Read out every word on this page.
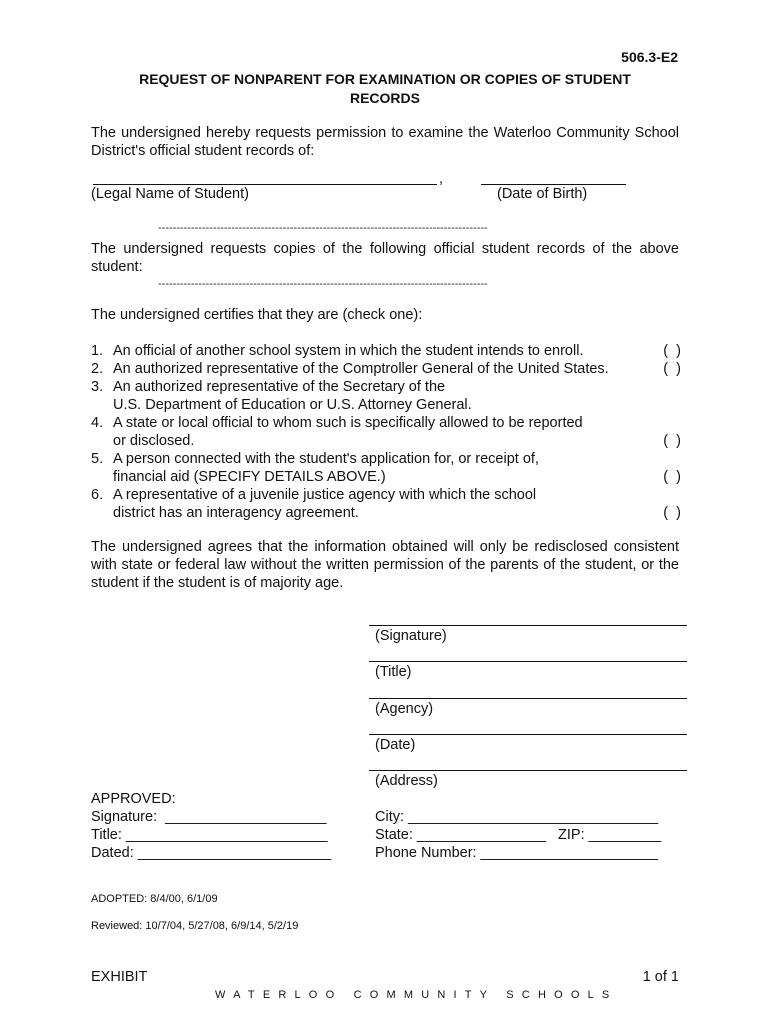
506.3-E2
REQUEST OF NONPARENT FOR EXAMINATION OR COPIES OF STUDENT
RECORDS
The undersigned hereby requests permission to examine the Waterloo Community School District's official student records of:
,
(Legal Name of Student)	(Date of Birth)
------------------------------------------------------------------------------------------
The undersigned requests copies of the following official student records of the above student:
------------------------------------------------------------------------------------------
The undersigned certifies that they are (check one):
1. An official of another school system in which the student intends to enroll.	(  )
2. An authorized representative of the Comptroller General of the United States.	(  )
3. An authorized representative of the Secretary of the
U.S. Department of Education or U.S. Attorney General.
4. A state or local official to whom such is specifically allowed to be reported
or disclosed.	(  )
5. A person connected with the student's application for, or receipt of,
financial aid (SPECIFY DETAILS ABOVE.)	(  )
6. A representative of a juvenile justice agency with which the school
district has an interagency agreement.	(  )
The undersigned agrees that the information obtained will only be redisclosed consistent with state or federal law without the written permission of the parents of the student, or the student if the student is of majority age.
(Signature)
(Title)
(Agency)
(Date)
(Address)
City: _______________________________
State: ________________   ZIP: _________
Phone Number: ______________________
APPROVED:
Signature:  ____________________
Title: _________________________
Dated: ________________________
ADOPTED: 8/4/00, 6/1/09
Reviewed: 10/7/04, 5/27/08, 6/9/14, 5/2/19
EXHIBIT	1 of 1
WATERLOO COMMUNITY SCHOOLS
